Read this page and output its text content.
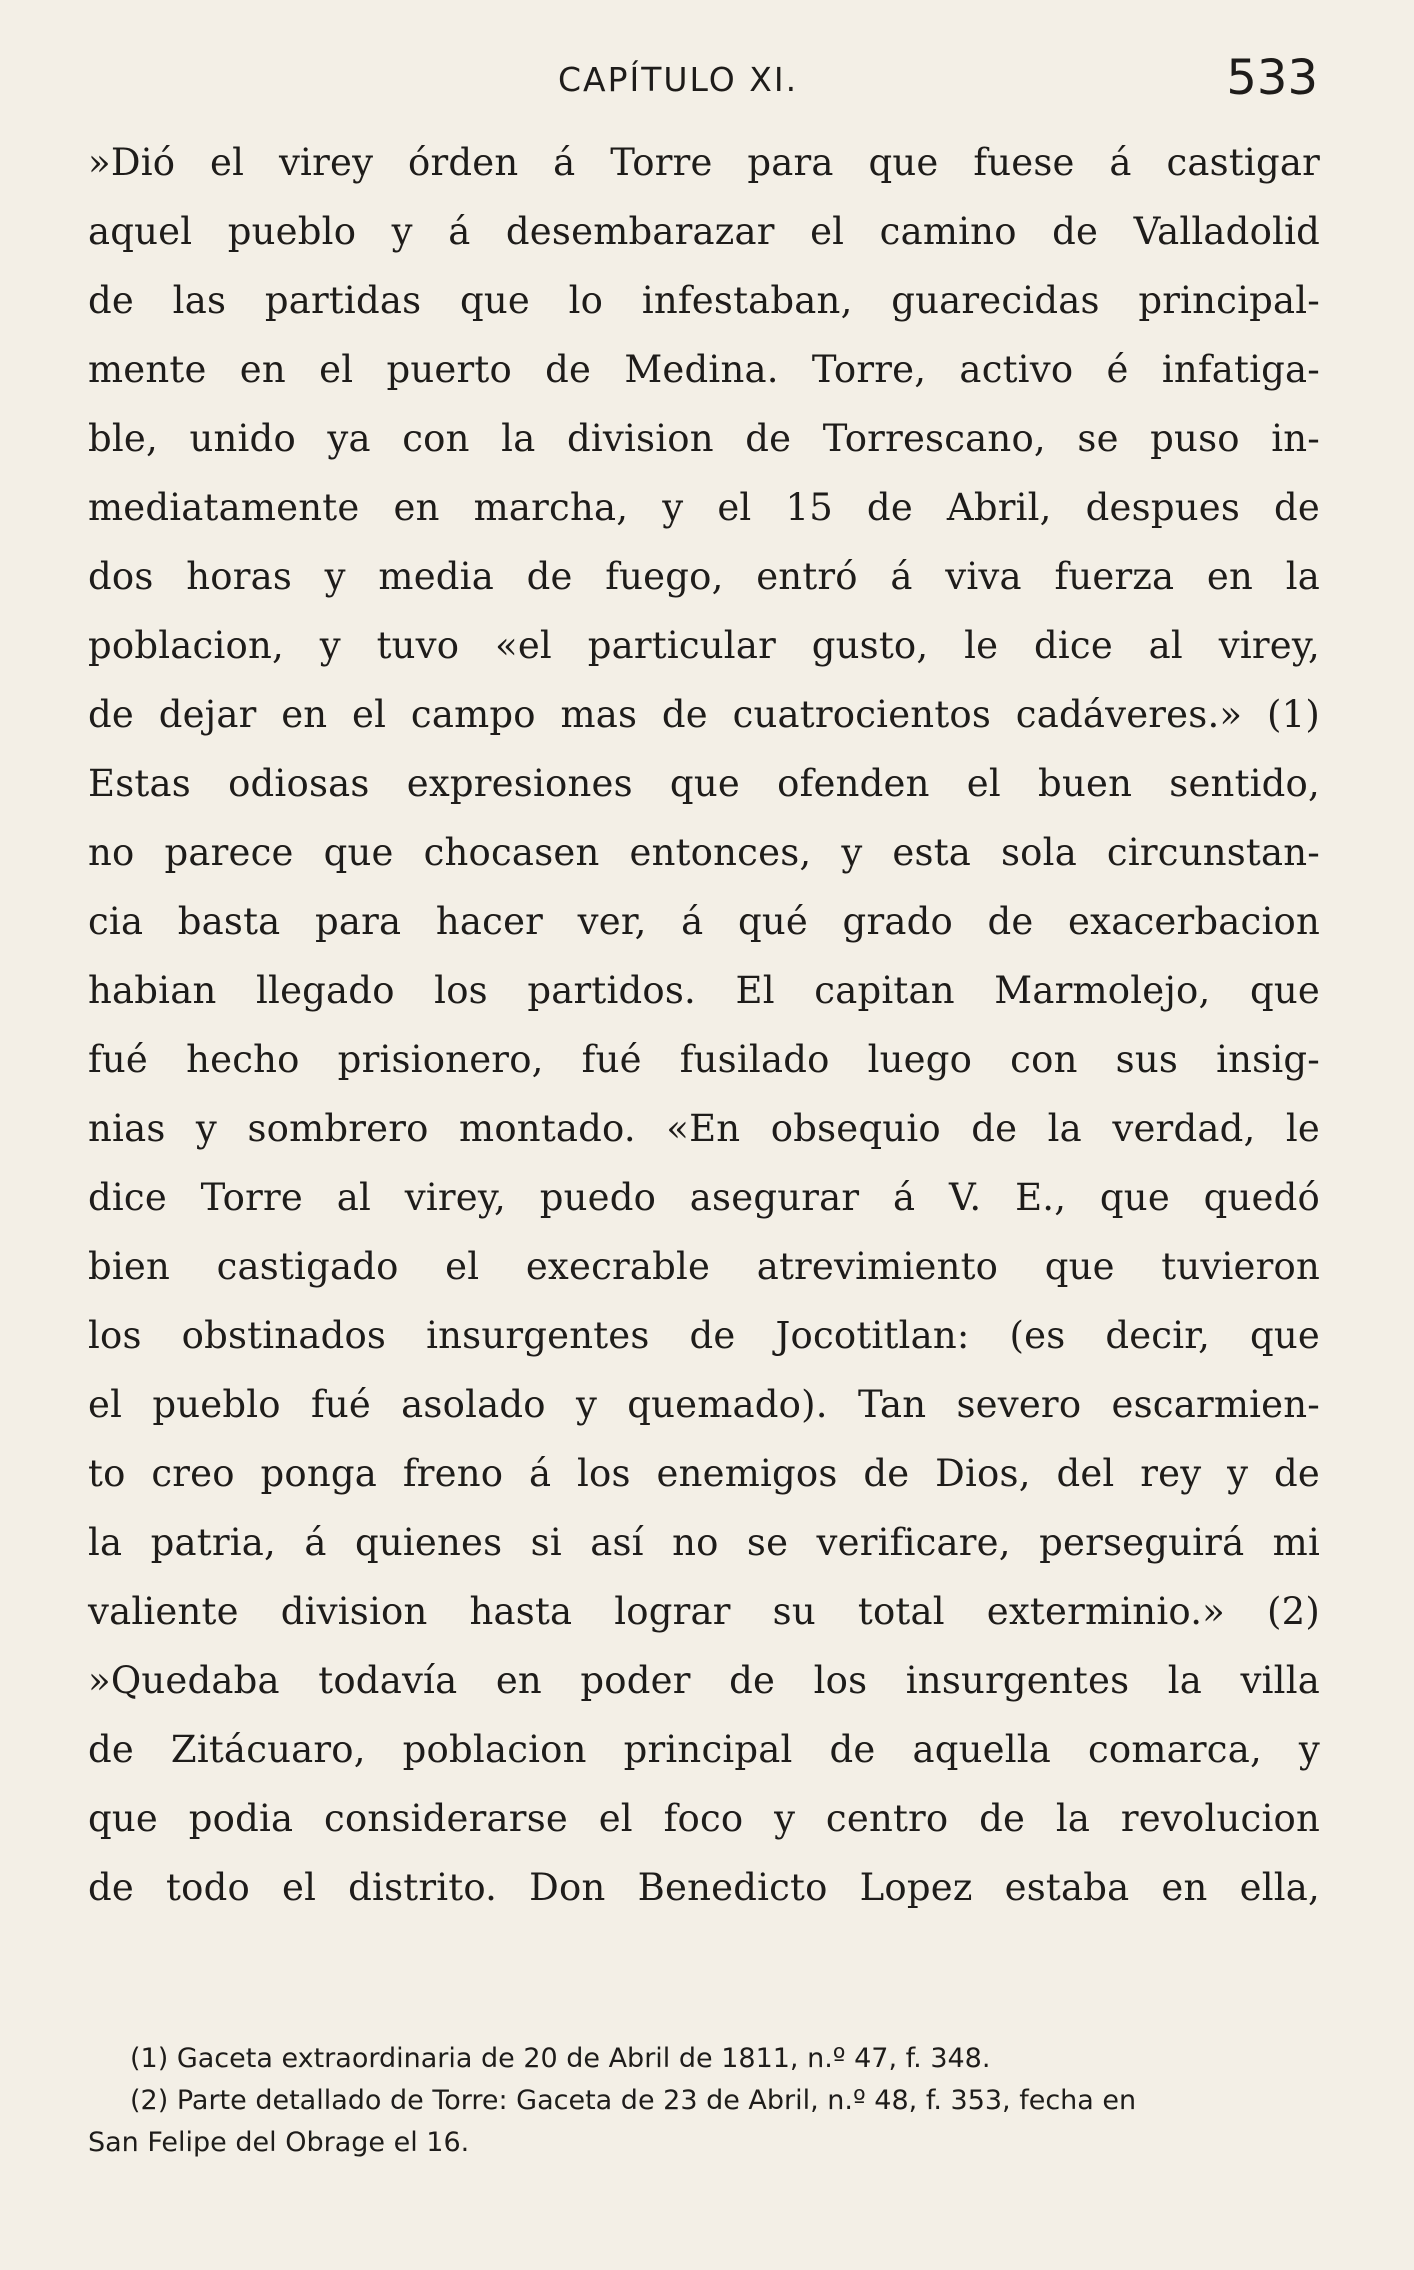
CAPÍTULO XI.	533
»Dió el virey órden á Torre para que fuese á castigar
aquel pueblo y á desembarazar el camino de Valladolid
de las partidas que lo infestaban, guarecidas principal-
mente en el puerto de Medina. Torre, activo é infatiga-
ble, unido ya con la division de Torrescano, se puso in-
mediatamente en marcha, y el 15 de Abril, despues de
dos horas y media de fuego, entró á viva fuerza en la
poblacion, y tuvo «el particular gusto, le dice al virey,
de dejar en el campo mas de cuatrocientos cadáveres.» (1)
Estas odiosas expresiones que ofenden el buen sentido,
no parece que chocasen entonces, y esta sola circunstan-
cia basta para hacer ver, á qué grado de exacerbacion
habian llegado los partidos. El capitan Marmolejo, que
fué hecho prisionero, fué fusilado luego con sus insig-
nias y sombrero montado. «En obsequio de la verdad, le
dice Torre al virey, puedo asegurar á V. E., que quedó
bien castigado el execrable atrevimiento que tuvieron
los obstinados insurgentes de Jocotitlan: (es decir, que
el pueblo fué asolado y quemado). Tan severo escarmien-
to creo ponga freno á los enemigos de Dios, del rey y de
la patria, á quienes si así no se verificare, perseguirá mi
valiente division hasta lograr su total exterminio.» (2)
»Quedaba todavía en poder de los insurgentes la villa
de Zitácuaro, poblacion principal de aquella comarca, y
que podia considerarse el foco y centro de la revolucion
de todo el distrito. Don Benedicto Lopez estaba en ella,
(1) Gaceta extraordinaria de 20 de Abril de 1811, n.º 47, f. 348.
(2) Parte detallado de Torre: Gaceta de 23 de Abril, n.º 48, f. 353, fecha en
San Felipe del Obrage el 16.
